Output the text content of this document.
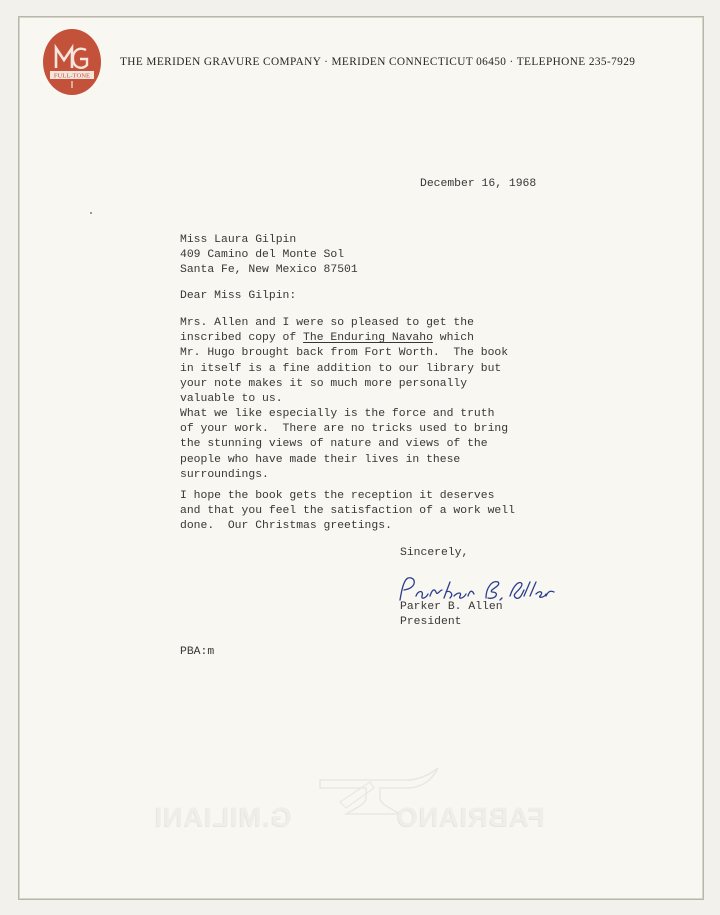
FULL-TONE
THE MERIDEN GRAVURE COMPANY · MERIDEN CONNECTICUT 06450 · TELEPHONE 235-7929
December 16, 1968
Miss Laura Gilpin
409 Camino del Monte Sol
Santa Fe, New Mexico 87501
Dear Miss Gilpin:
Mrs. Allen and I were so pleased to get the
inscribed copy of The Enduring Navaho which
Mr. Hugo brought back from Fort Worth.  The book
in itself is a fine addition to our library but
your note makes it so much more personally
valuable to us.
What we like especially is the force and truth
of your work.  There are no tricks used to bring
the stunning views of nature and views of the
people who have made their lives in these
surroundings.
I hope the book gets the reception it deserves
and that you feel the satisfaction of a work well
done.  Our Christmas greetings.
Sincerely,
Parker B. Allen
President
PBA:m
G.MILIANI	FABRIANO
